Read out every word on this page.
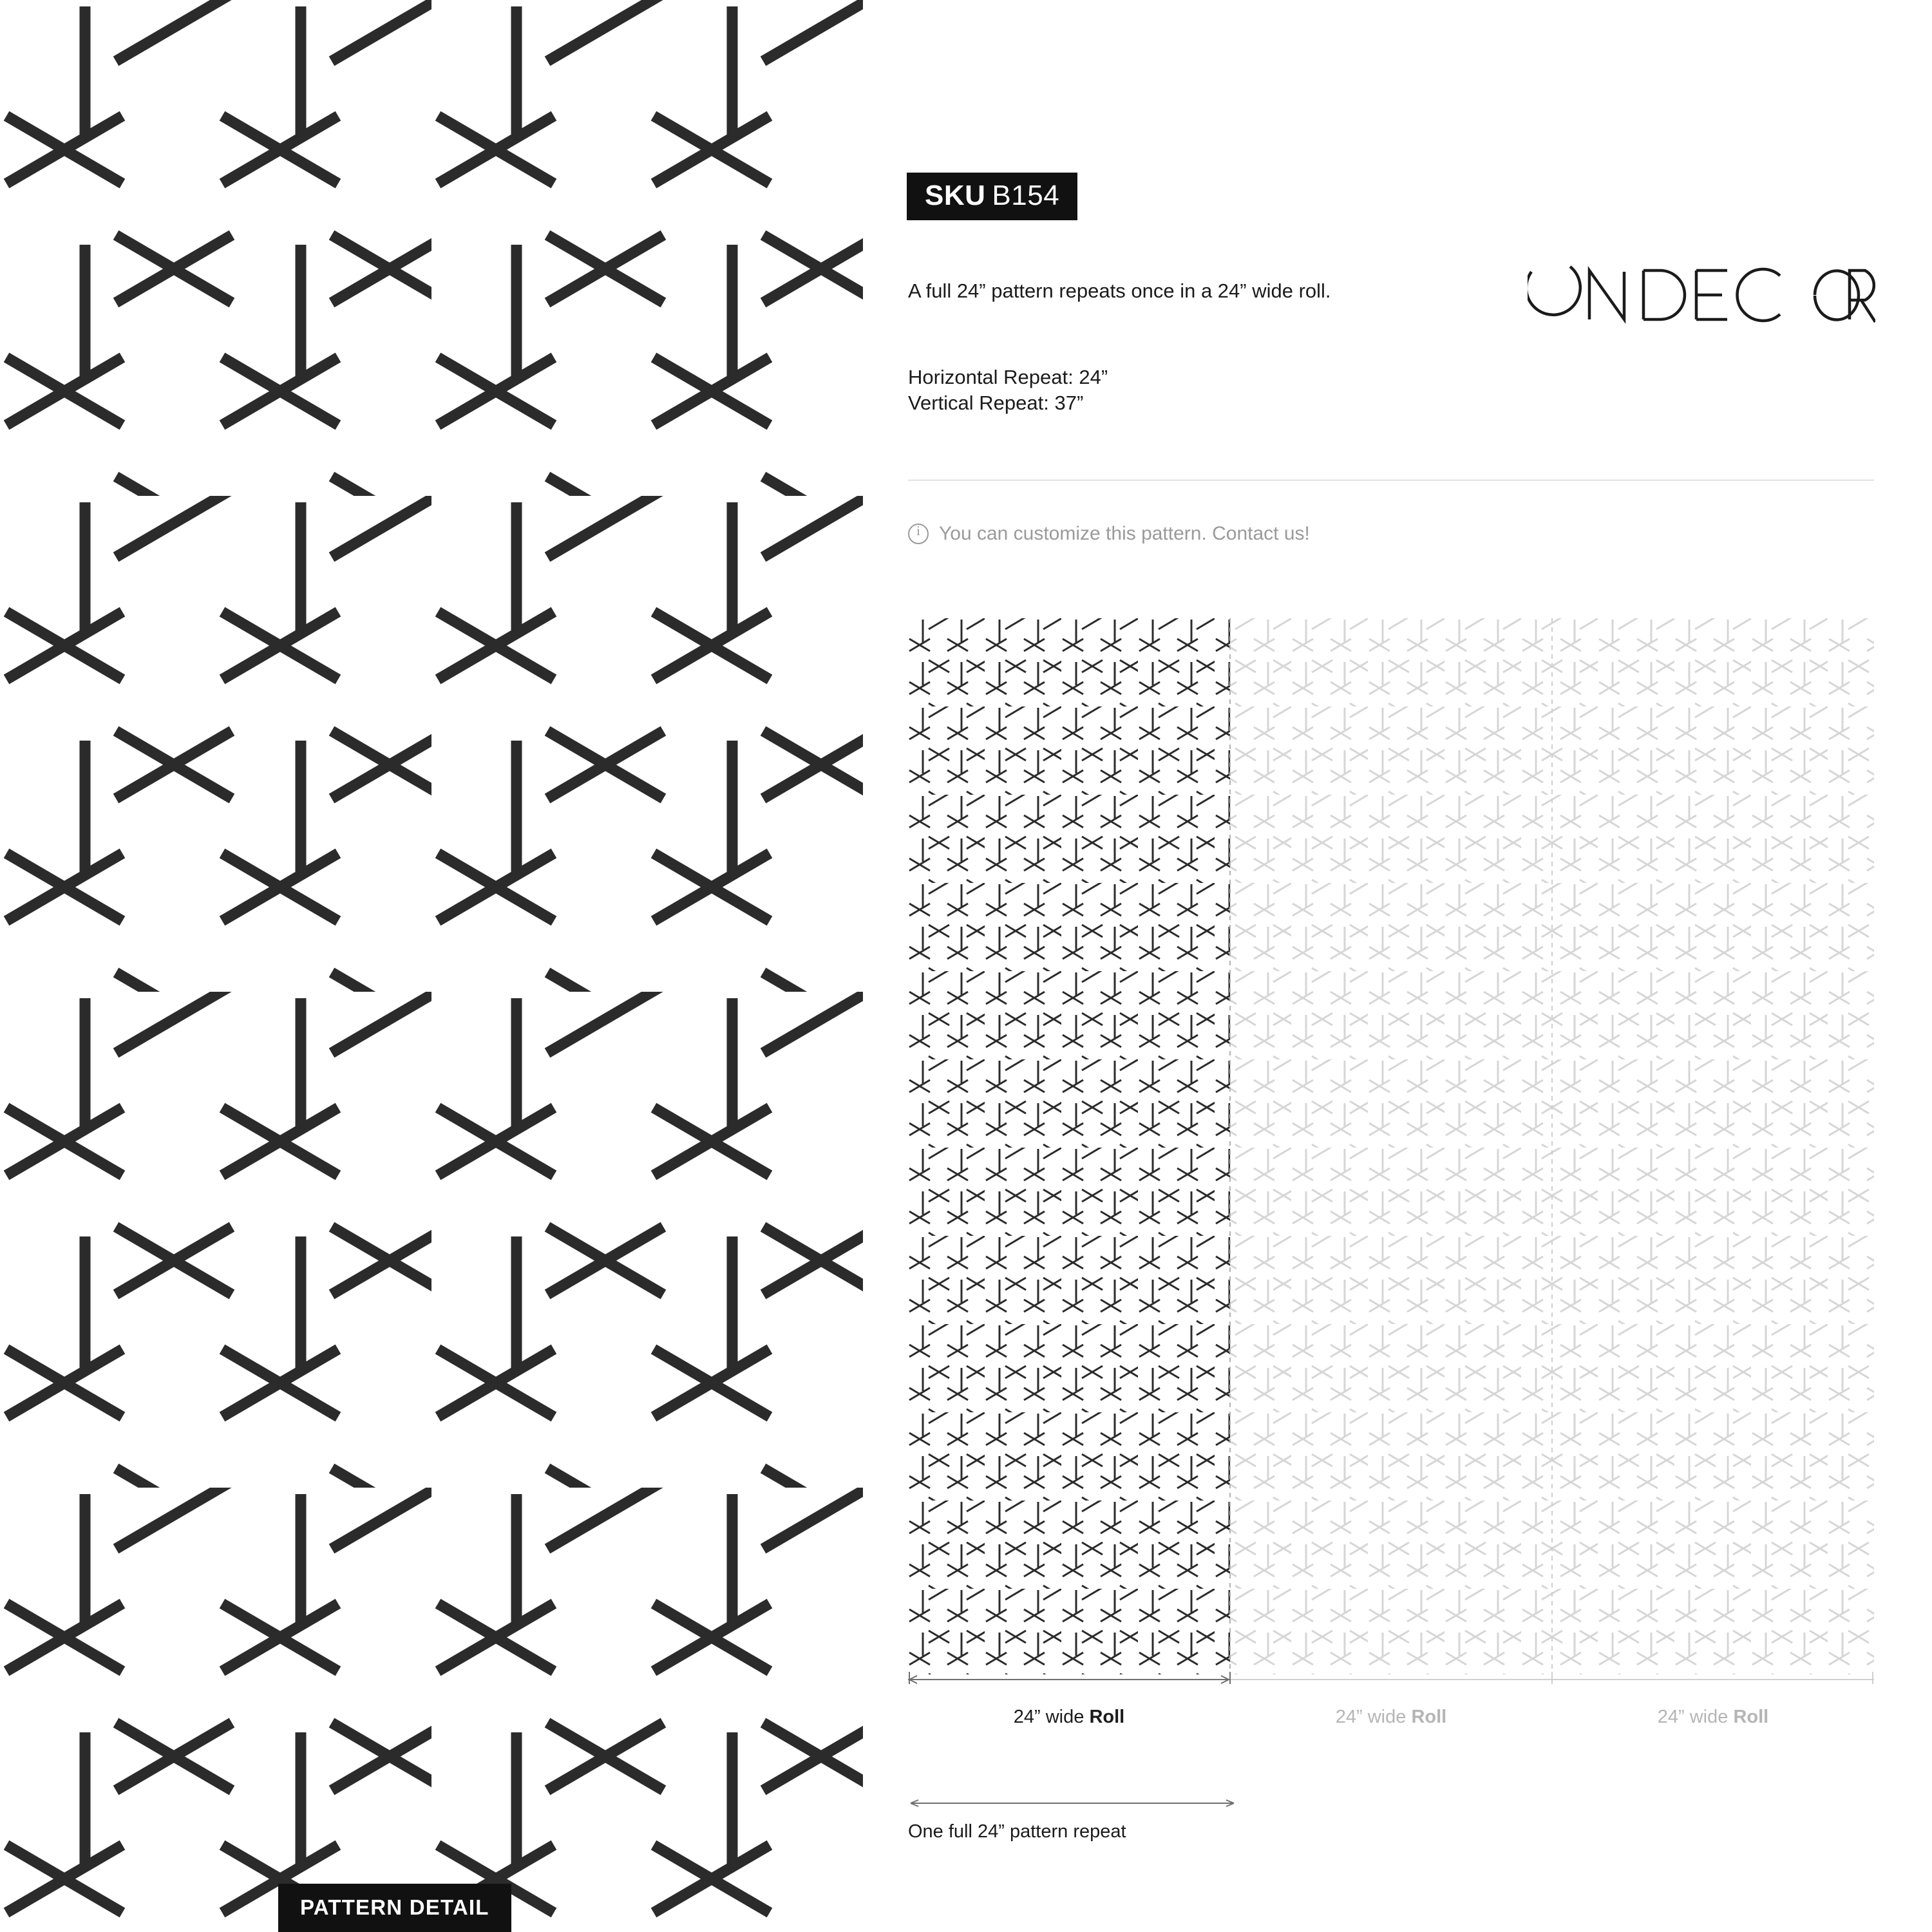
PATTERN DETAIL
SKU B154
A full 24” pattern repeats once in a 24” wide roll.
Horizontal Repeat: 24”
Vertical Repeat: 37”
i
You can customize this pattern. Contact us!
24” wide Roll	24” wide Roll	24” wide Roll
One full 24” pattern repeat
